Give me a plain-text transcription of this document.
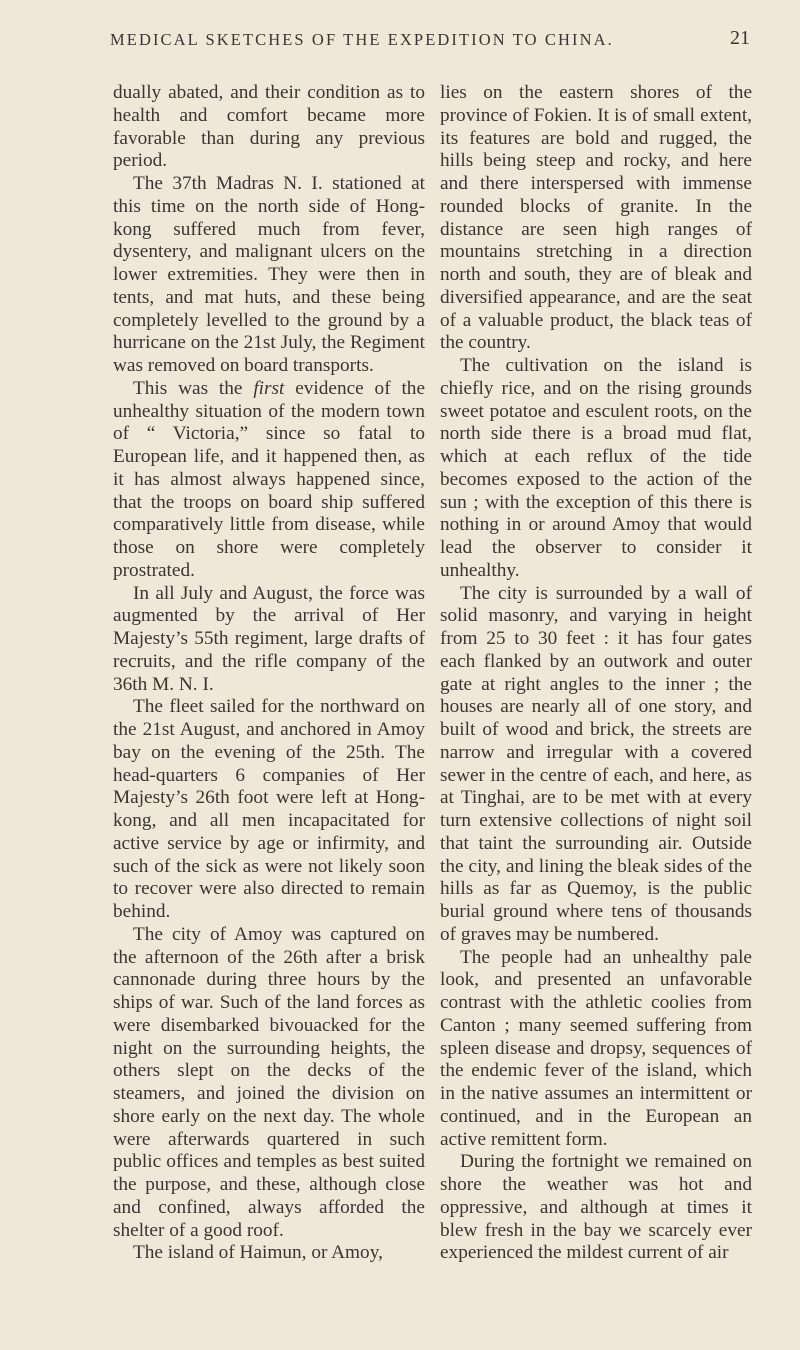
MEDICAL SKETCHES OF THE EXPEDITION TO CHINA.	21

dually abated, and their condition as to health and comfort became more favorable than during any previous period.

The 37th Madras N. I. stationed at this time on the north side of Hong-kong suffered much from fever, dysentery, and malignant ulcers on the lower extremities. They were then in tents, and mat huts, and these being completely levelled to the ground by a hurricane on the 21st July, the Regiment was removed on board transports.

This was the first evidence of the unhealthy situation of the modern town of “ Victoria,” since so fatal to European life, and it happened then, as it has almost always happened since, that the troops on board ship suffered comparatively little from disease, while those on shore were completely prostrated.

In all July and August, the force was augmented by the arrival of Her Majesty’s 55th regiment, large drafts of recruits, and the rifle company of the 36th M. N. I.

The fleet sailed for the northward on the 21st August, and anchored in Amoy bay on the evening of the 25th. The head-quarters 6 companies of Her Majesty’s 26th foot were left at Hong-kong, and all men incapacitated for active service by age or infirmity, and such of the sick as were not likely soon to recover were also directed to remain behind.

The city of Amoy was captured on the afternoon of the 26th after a brisk cannonade during three hours by the ships of war. Such of the land forces as were disembarked bivouacked for the night on the surrounding heights, the others slept on the decks of the steamers, and joined the division on shore early on the next day. The whole were afterwards quartered in such public offices and temples as best suited the purpose, and these, although close and confined, always afforded the shelter of a good roof.

The island of Haimun, or Amoy,

lies on the eastern shores of the province of Fokien. It is of small extent, its features are bold and rugged, the hills being steep and rocky, and here and there interspersed with immense rounded blocks of granite. In the distance are seen high ranges of mountains stretching in a direction north and south, they are of bleak and diversified appearance, and are the seat of a valuable product, the black teas of the country.

The cultivation on the island is chiefly rice, and on the rising grounds sweet potatoe and esculent roots, on the north side there is a broad mud flat, which at each reflux of the tide becomes exposed to the action of the sun ; with the exception of this there is nothing in or around Amoy that would lead the observer to consider it unhealthy.

The city is surrounded by a wall of solid masonry, and varying in height from 25 to 30 feet : it has four gates each flanked by an outwork and outer gate at right angles to the inner ; the houses are nearly all of one story, and built of wood and brick, the streets are narrow and irregular with a covered sewer in the centre of each, and here, as at Tinghai, are to be met with at every turn extensive collections of night soil that taint the surrounding air. Outside the city, and lining the bleak sides of the hills as far as Quemoy, is the public burial ground where tens of thousands of graves may be numbered.

The people had an unhealthy pale look, and presented an unfavorable contrast with the athletic coolies from Canton ; many seemed suffering from spleen disease and dropsy, sequences of the endemic fever of the island, which in the native assumes an intermittent or continued, and in the European an active remittent form.

During the fortnight we remained on shore the weather was hot and oppressive, and although at times it blew fresh in the bay we scarcely ever experienced the mildest current of air
